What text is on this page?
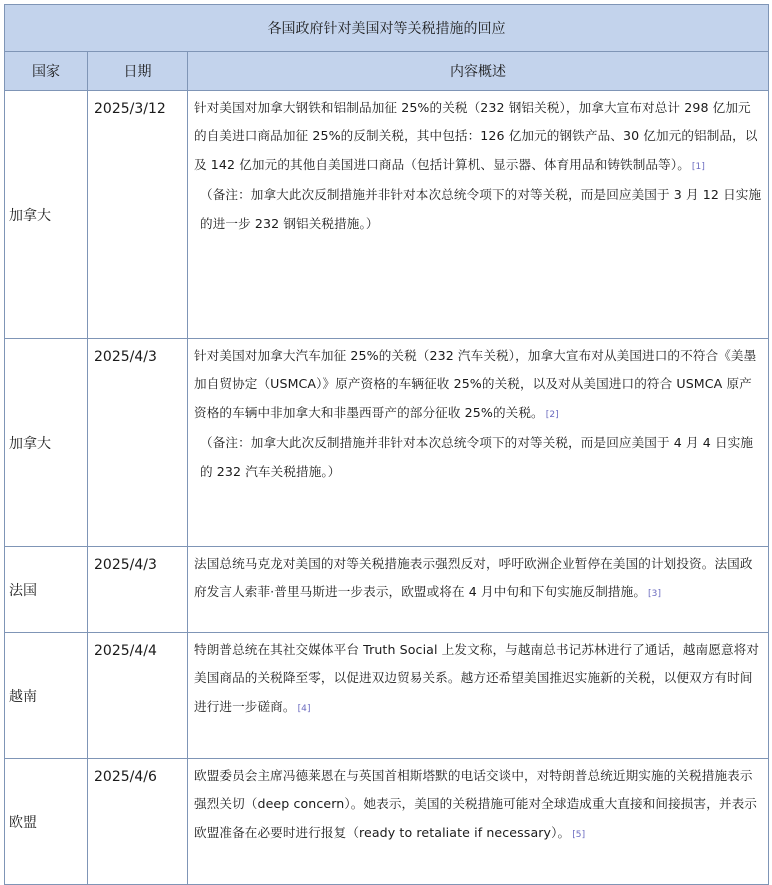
各国政府针对美国对等关税措施的回应		
国家	日期	内容概述
加拿大	2025/3/12	针对美国对加拿大钢铁和铝制品加征 25%的关税（232 钢铝关税），加拿大宣布对总计 298 亿加元的自美进口商品加征 25%的反制关税，其中包括：126 亿加元的钢铁产品、30 亿加元的铝制品，以及 142 亿加元的其他自美国进口商品（包括计算机、显示器、体育用品和铸铁制品等）。 [1]

（备注：加拿大此次反制措施并非针对本次总统令项下的对等关税，而是回应美国于 3 月 12 日实施的进一步 232 钢铝关税措施。）

加拿大	2025/4/3	针对美国对加拿大汽车加征 25%的关税（232 汽车关税），加拿大宣布对从美国进口的不符合《美墨加自贸协定（USMCA）》原产资格的车辆征收 25%的关税，以及对从美国进口的符合 USMCA 原产资格的车辆中非加拿大和非墨西哥产的部分征收 25%的关税。 [2]

（备注：加拿大此次反制措施并非针对本次总统令项下的对等关税，而是回应美国于 4 月 4 日实施的 232 汽车关税措施。）

法国	2025/4/3	法国总统马克龙对美国的对等关税措施表示强烈反对，呼吁欧洲企业暂停在美国的计划投资。法国政府发言人索菲·普里马斯进一步表示，欧盟或将在 4 月中旬和下旬实施反制措施。 [3]

越南	2025/4/4	特朗普总统在其社交媒体平台 Truth Social 上发文称，与越南总书记苏林进行了通话，越南愿意将对美国商品的关税降至零，以促进双边贸易关系。越方还希望美国推迟实施新的关税，以便双方有时间进行进一步磋商。 [4]

欧盟	2025/4/6	欧盟委员会主席冯德莱恩在与英国首相斯塔默的电话交谈中，对特朗普总统近期实施的关税措施表示强烈关切（deep concern）。她表示，美国的关税措施可能对全球造成重大直接和间接损害，并表示欧盟准备在必要时进行报复（ready to retaliate if necessary）。 [5]
